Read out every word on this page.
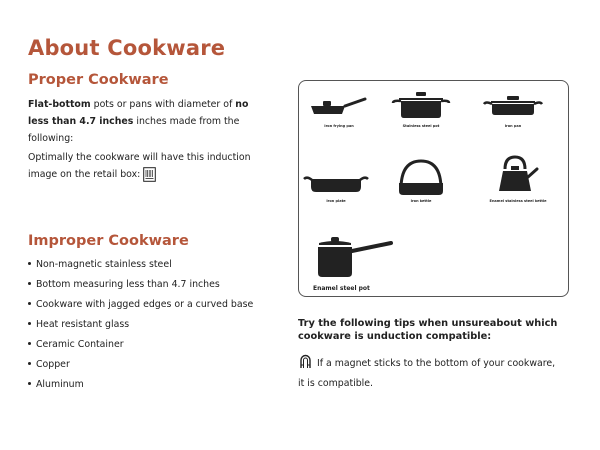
About Cookware
Proper Cookware
Flat-bottom pots or pans with diameter of no less than 4.7 inches inches made from the following:
Optimally the cookware will have this induction image on the retail box:
Improper Cookware
Non-magnetic stainless steel
Bottom measuring less than 4.7 inches
Cookware with jagged edges or a curved base
Heat resistant glass
Ceramic Container
Copper
Aluminum
Iron frying pan	Stainless steel pot	Iron pan
Iron plate	Iron kettle	Enamel stainless steel kettle
Enamel steel pot
Try the following tips when unsureabout which cookware is unduction compatible:
If a magnet sticks to the bottom of your cookware,
it is compatible.
